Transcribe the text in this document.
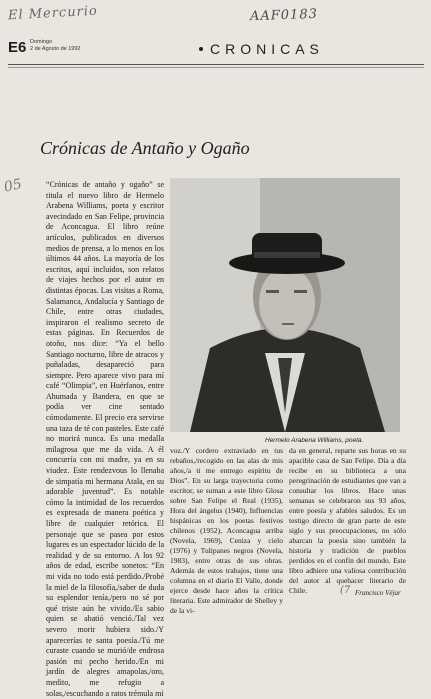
El Mercurio	AAF0183
E6 Domingo
2 de Agosto de 1992	CRONICAS
Crónicas de Antaño y Ogaño
05	“Crónicas de antaño y ogaño” se titula el nuevo libro de Hermelo Arabena Williams, poeta y escritor avecindado en San Felipe, provincia de Aconcagua. El libro reúne artículos, publicados en diversos medios de prensa, a lo menos en los últimos 44 años. La mayoría de los escritos, aquí incluidos, son relatos de viajes hechos por el autor en distintas épocas. Las visitas a Roma, Salamanca, Andalucía y Santiago de Chile, entre otras ciudades, inspiraron el realismo secreto de estas páginas. En Recuerdos de otoño, nos dice: “Ya el bello Santiago nocturno, libre de atracos y puñaladas, desapareció para siempre. Pero aparece vivo para mí café “Olimpia”, en Huérfanos, entre Ahumada y Bandera, en que se podía ver cine sentado cómodamente. El precio era servirse una taza de té con pasteles. Este café no morirá nunca. Es una medalla milagrosa que me da vida. A él concurría con mi madre, ya en su viudez. Este rendezvous lo llenaba de simpatía mi hermana Atala, en su adorable juventud”. Es notable cómo la intimidad de los recuerdos es expresada de manera poética y libre de cualquier retórica. El personaje que se pasea por estos lugares es un espectador lúcido de la realidad y de su entorno. A los 92 años de edad, escribe sonetos: “En mi vida no todo está perdido./Probé la miel de la filosofía,/saber de duda su esplendor tenía,/pero no sé por qué triste aún he vivido./Es sabio quien se abatió venció./Tal vez severo morir hubiera sido./Y aparecerías te santa poesía./Tú me curaste cuando se murió/de endrosa pasión mi pecho herido./En mi jardín de alegres amapolas,/oro, medito, me refugio a solas,/escuchando a ratos trémula mi

Hermelo Arabena Williams, poeta.

voz./Y cordero extraviado en tus rebaños,/recogido en las alas de mis años,/a ti me entrego espíritu de Dios”. En su larga trayectoria como escritor, se suman a este libro Glosa sobre San Felipe el Real (1935), Hora del ángelus (1940), Influencias hispánicas en los poetas festivos chilenos (1952), Aconcagua arriba (Novela, 1969), Ceniza y cielo (1976) y Tulipanes negros (Novela, 1983), entre otras de sus obras. Además de estos trabajos, tiene una columna en el diario El Valle, donde ejerce desde hace años la crítica literaria. Este admirador de Shelley y de la vi-

da en general, reparte sus horas en su apacible casa de San Felipe. Día a día recibe en su biblioteca a una peregrinación de estudiantes que van a consultar los libros. Hace unas semanas se celebraron sus 93 años, entre poesía y afables saludos. Es un testigo directo de gran parte de este siglo y sus preocupaciones, no sólo abarcan la poesía sino también la historia y tradición de pueblos perdidos en el confín del mundo. Este libro adhiere una valiosa contribución del autor al quehacer literario de Chile.	(7 Francisco Véjar
